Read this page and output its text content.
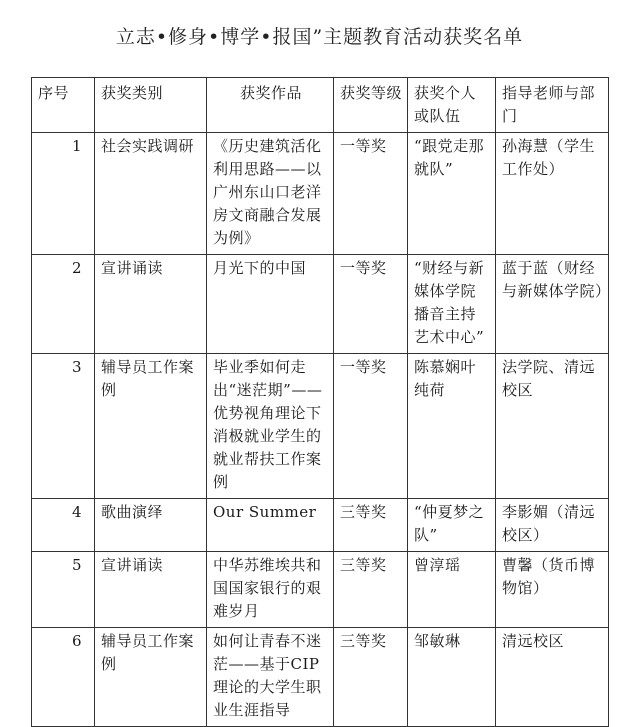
立志•修身•博学•报国”主题教育活动获奖名单
序号	获奖类别	获奖作品	获奖等级	获奖个人或队伍	指导老师与部门
1	社会实践调研	《历史建筑活化利用思路——以广州东山口老洋房文商融合发展为例》	一等奖	“跟党走那就队”	孙海慧（学生工作处）
2	宣讲诵读	月光下的中国	一等奖	“财经与新媒体学院播音主持艺术中心”	蓝于蓝（财经与新媒体学院）
3	辅导员工作案例	毕业季如何走出“迷茫期”——优势视角理论下消极就业学生的就业帮扶工作案例	一等奖	陈慕娴叶纯荷	法学院、清远校区
4	歌曲演绎	Our Summer	三等奖	“仲夏梦之队”	李影媚（清远校区）
5	宣讲诵读	中华苏维埃共和国国家银行的艰难岁月	三等奖	曾淳瑶	曹馨（货币博物馆）
6	辅导员工作案例	如何让青春不迷茫——基于CIP理论的大学生职业生涯指导	三等奖	邹敏琳	清远校区
